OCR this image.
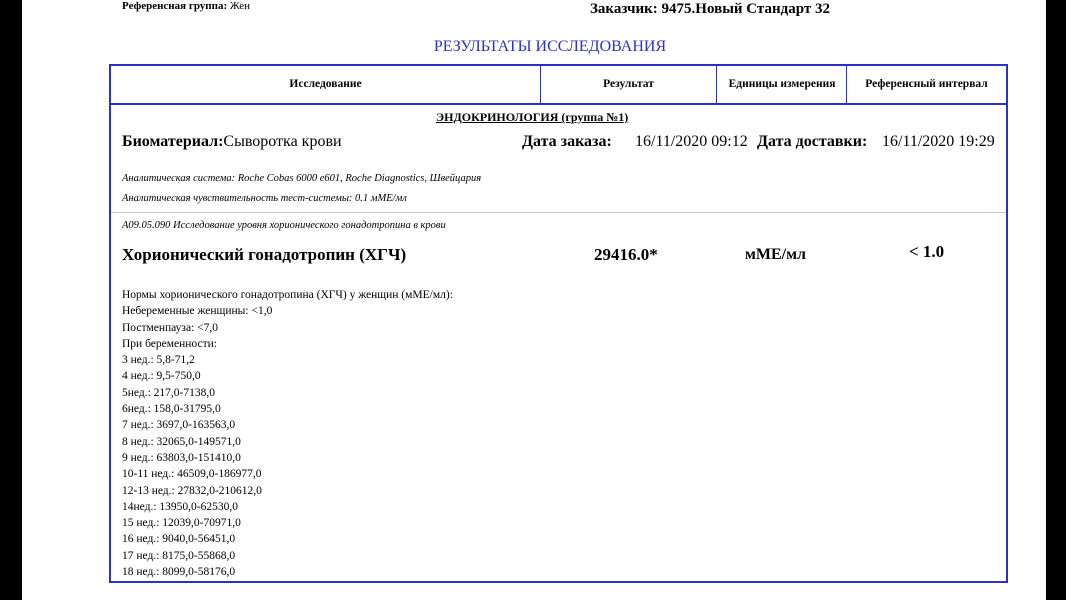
Референсная группа: Жен	Заказчик: 9475.Новый Стандарт 32
РЕЗУЛЬТАТЫ ИССЛЕДОВАНИЯ
Исследование	Результат	Единицы измерения	Референсный интервал
ЭНДОКРИНОЛОГИЯ (группа №1)
Биоматериал:Сыворотка крови	Дата заказа: 16/11/2020 09:12 Дата доставки: 16/11/2020 19:29
Аналитическая система: Roche Cobas 6000 e601, Roche Diagnostics, Швейцария
Аналитическая чувствительность тест-системы: 0.1 мМЕ/мл
A09.05.090 Исследование уровня хорионического гонадотропина в крови
Хорионический гонадотропин (ХГЧ)	29416.0*	мМЕ/мл	< 1.0
Нормы хорионического гонадотропина (ХГЧ) у женщин (мМЕ/мл):
Небеременные женщины: <1,0
Постменпауза: <7,0
При беременности:
3 нед.: 5,8-71,2
4 нед.: 9,5-750,0
5нед.: 217,0-7138,0
6нед.: 158,0-31795,0
7 нед.: 3697,0-163563,0
8 нед.: 32065,0-149571,0
9 нед.: 63803,0-151410,0
10-11 нед.: 46509,0-186977,0
12-13 нед.: 27832,0-210612,0
14нед.: 13950,0-62530,0
15 нед.: 12039,0-70971,0
16 нед.: 9040,0-56451,0
17 нед.: 8175,0-55868,0
18 нед.: 8099,0-58176,0
